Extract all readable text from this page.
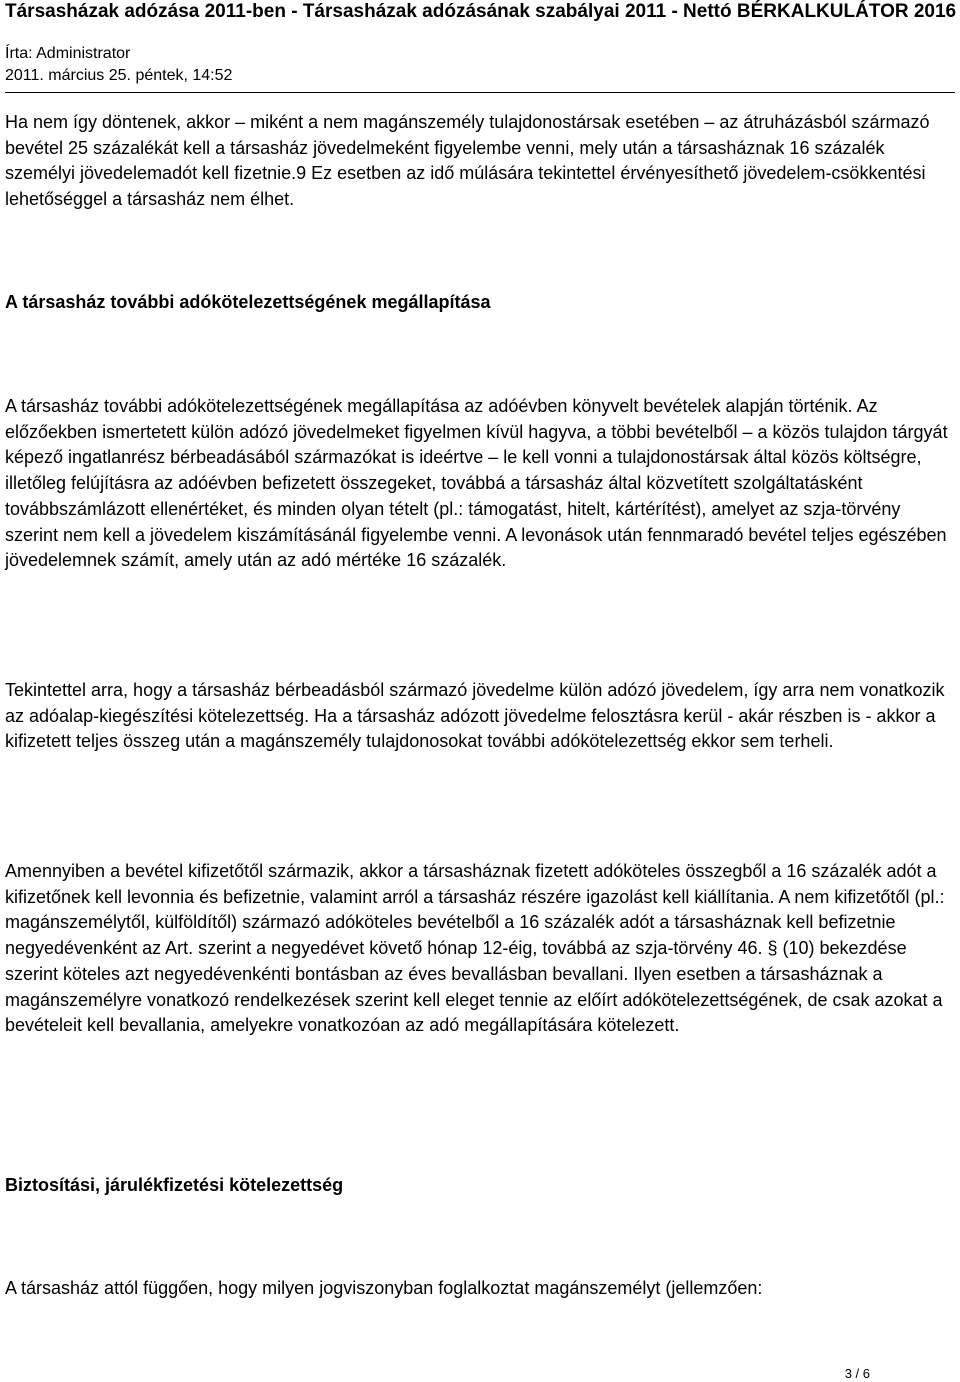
Társasházak adózása 2011-ben - Társasházak adózásának szabályai 2011 - Nettó BÉRKALKULÁTOR 2016
Írta: Administrator
2011. március 25. péntek, 14:52

Ha nem így döntenek, akkor – miként a nem magánszemély tulajdonostársak esetében – az átruházásból származó bevétel 25 százalékát kell a társasház jövedelmeként figyelembe venni, mely után a társasháznak 16 százalék személyi jövedelemadót kell fizetnie.9 Ez esetben az idő múlására tekintettel érvényesíthető jövedelem-csökkentési lehetőséggel a társasház nem élhet.

A társasház további adókötelezettségének megállapítása

A társasház további adókötelezettségének megállapítása az adóévben könyvelt bevételek alapján történik. Az előzőekben ismertetett külön adózó jövedelmeket figyelmen kívül hagyva, a többi bevételből – a közös tulajdon tárgyát képező ingatlanrész bérbeadásából származókat is ideértve – le kell vonni a tulajdonostársak által közös költségre, illetőleg felújításra az adóévben befizetett összegeket, továbbá a társasház által közvetített szolgáltatásként továbbszámlázott ellenértéket, és minden olyan tételt (pl.: támogatást, hitelt, kártérítést), amelyet az szja-törvény szerint nem kell a jövedelem kiszámításánál figyelembe venni. A levonások után fennmaradó bevétel teljes egészében jövedelemnek számít, amely után az adó mértéke 16 százalék.

Tekintettel arra, hogy a társasház bérbeadásból származó jövedelme külön adózó jövedelem, így arra nem vonatkozik az adóalap-kiegészítési kötelezettség. Ha a társasház adózott jövedelme felosztásra kerül - akár részben is - akkor a kifizetett teljes összeg után a magánszemély tulajdonosokat további adókötelezettség ekkor sem terheli.

Amennyiben a bevétel kifizetőtől származik, akkor a társasháznak fizetett adóköteles összegből a 16 százalék adót a kifizetőnek kell levonnia és befizetnie, valamint arról a társasház részére igazolást kell kiállítania. A nem kifizetőtől (pl.: magánszemélytől, külföldítől) származó adóköteles bevételből a 16 százalék adót a társasháznak kell befizetnie negyedévenként az Art. szerint a negyedévet követő hónap 12-éig, továbbá az szja-törvény 46. § (10) bekezdése szerint köteles azt negyedévenkénti bontásban az éves bevallásban bevallani. Ilyen esetben a társasháznak a magánszemélyre vonatkozó rendelkezések szerint kell eleget tennie az előírt adókötelezettségének, de csak azokat a bevételeit kell bevallania, amelyekre vonatkozóan az adó megállapítására kötelezett.

Biztosítási, járulékfizetési kötelezettség

A társasház attól függően, hogy milyen jogviszonyban foglalkoztat magánszemélyt (jellemzően:

3 / 6
